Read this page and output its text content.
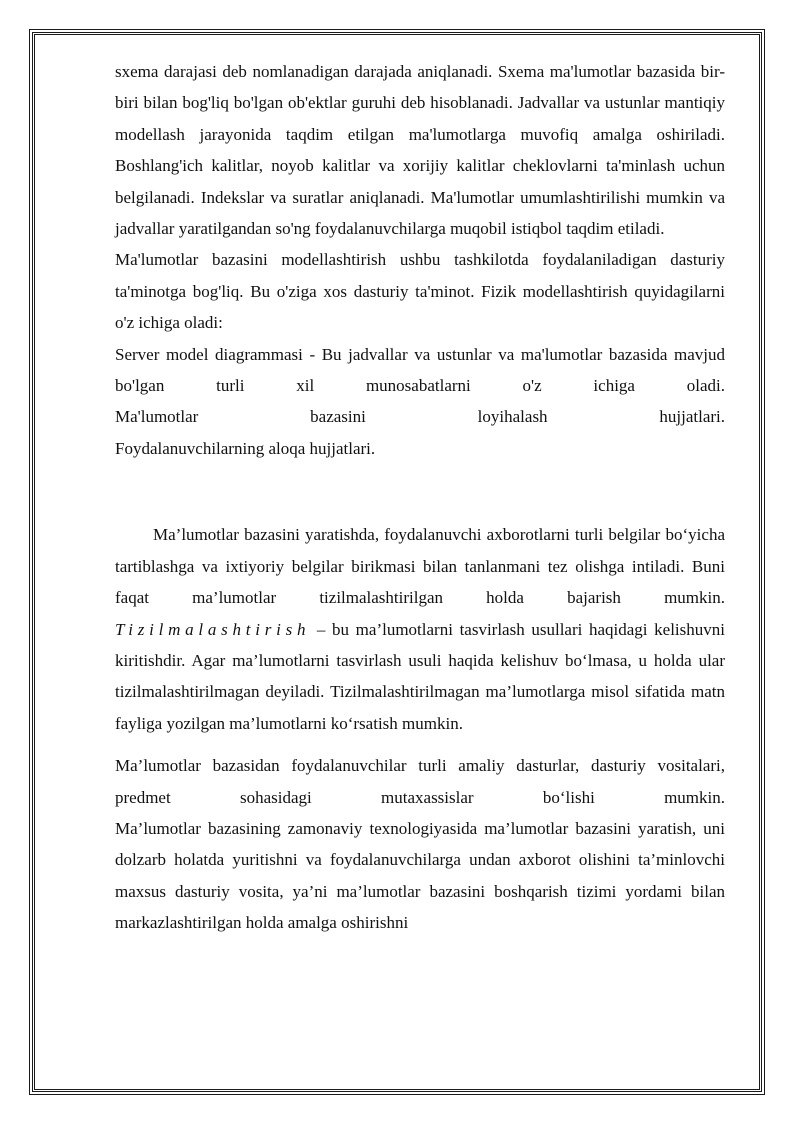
sxema darajasi deb nomlanadigan darajada aniqlanadi. Sxema ma'lumotlar bazasida bir-biri bilan bog'liq bo'lgan ob'ektlar guruhi deb hisoblanadi. Jadvallar va ustunlar mantiqiy modellash jarayonida taqdim etilgan ma'lumotlarga muvofiq amalga oshiriladi. Boshlang'ich kalitlar, noyob kalitlar va xorijiy kalitlar cheklovlarni ta'minlash uchun belgilanadi. Indekslar va suratlar aniqlanadi. Ma'lumotlar umumlashtirilishi mumkin va jadvallar yaratilgandan so'ng foydalanuvchilarga muqobil istiqbol taqdim etiladi.

Ma'lumotlar bazasini modellashtirish ushbu tashkilotda foydalaniladigan dasturiy ta'minotga bog'liq. Bu o'ziga xos dasturiy ta'minot. Fizik modellashtirish quyidagilarni o'z ichiga oladi:

Server model diagrammasi - Bu jadvallar va ustunlar va ma'lumotlar bazasida mavjud bo'lgan turli xil munosabatlarni o'z ichiga oladi.
Ma'lumotlar bazasini loyihalash hujjatlari.
Foydalanuvchilarning aloqa hujjatlari.

Ma’lumotlar bazasini yaratishda, foydalanuvchi axborotlarni turli belgilar bo‘yicha tartiblashga va ixtiyoriy belgilar birikmasi bilan tanlanmani tez olishga intiladi. Buni faqat ma’lumotlar tizilmalashtirilgan holda bajarish mumkin. Tizilmalashtirish – bu ma’lumotlarni tasvirlash usullari haqidagi kelishuvni kiritishdir. Agar ma’lumotlarni tasvirlash usuli haqida kelishuv bo‘lmasa, u holda ular tizilmalashtirilmagan deyiladi. Tizilmalashtirilmagan ma’lumotlarga misol sifatida matn fayliga yozilgan ma’lumotlarni ko‘rsatish mumkin.

Ma’lumotlar bazasidan foydalanuvchilar turli amaliy dasturlar, dasturiy vositalari, predmet sohasidagi mutaxassislar bo‘lishi mumkin.
Ma’lumotlar bazasining zamonaviy texnologiyasida ma’lumotlar bazasini yaratish, uni dolzarb holatda yuritishni va foydalanuvchilarga undan axborot olishini ta’minlovchi maxsus dasturiy vosita, ya’ni ma’lumotlar bazasini boshqarish tizimi yordami bilan markazlashtirilgan holda amalga oshirishni
